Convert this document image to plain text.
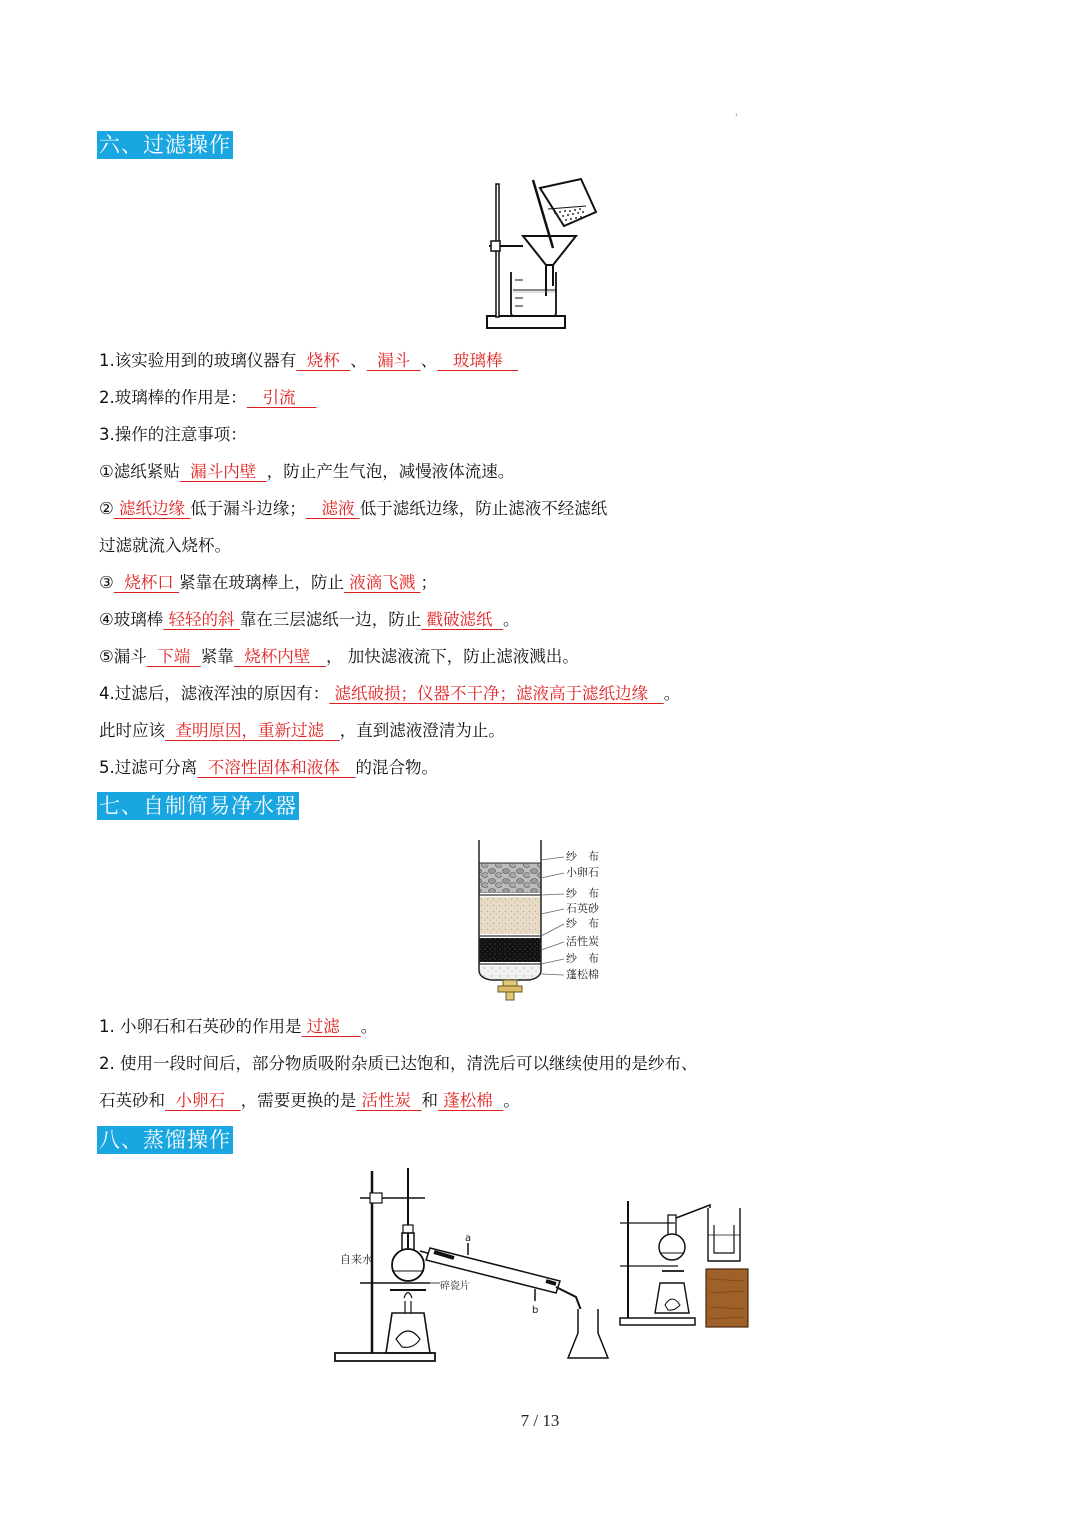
'
六、过滤操作
1.该实验用到的玻璃仪器有  烧杯  、  漏斗  、   玻璃棒
2.玻璃棒的作用是：   引流
3.操作的注意事项：
①滤纸紧贴  漏斗内壁  ，防止产生气泡，减慢液体流速。
② 滤纸边缘 低于漏斗边缘；   滤液 低于滤纸边缘，防止滤液不经滤纸
过滤就流入烧杯。
③  烧杯口 紧靠在玻璃棒上，防止 液滴飞溅 ；
④玻璃棒 轻轻的斜 靠在三层滤纸一边，防止 戳破滤纸  。
⑤漏斗  下端  紧靠  烧杯内壁   ， 加快滤液流下，防止滤液溅出。
4.过滤后，滤液浑浊的原因有： 滤纸破损；仪器不干净；滤液高于滤纸边缘   。
此时应该  查明原因，重新过滤   ，直到滤液澄清为止。
5.过滤可分离  不溶性固体和液体   的混合物。
七、自制简易净水器
纱　布
小卵石
纱　布
石英砂
纱　布
活性炭
纱　布
蓬松棉
1. 小卵石和石英砂的作用是 过滤    。
2. 使用一段时间后，部分物质吸附杂质已达饱和，清洗后可以继续使用的是纱布、
石英砂和  小卵石   ，需要更换的是 活性炭  和 蓬松棉  。
八、蒸馏操作
自来水
a
b
碎瓷片
7 / 13
